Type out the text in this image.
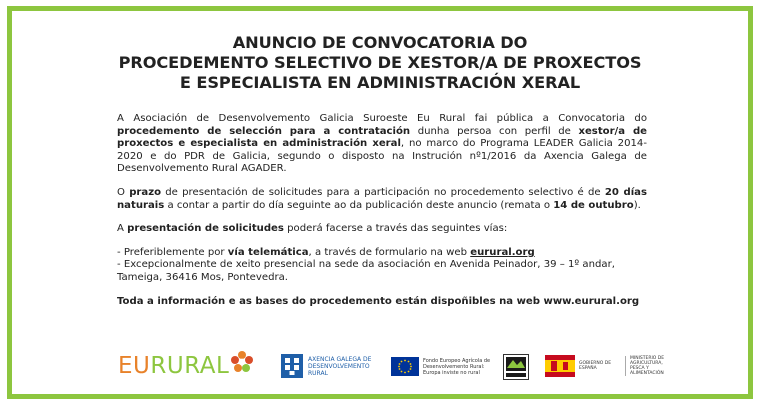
ANUNCIO DE CONVOCATORIA DO
PROCEDEMENTO SELECTIVO DE XESTOR/A DE PROXECTOS
E ESPECIALISTA EN ADMINISTRACIÓN XERAL

A Asociación de Desenvolvemento Galicia Suroeste Eu Rural fai pública a Convocatoria do procedemento de selección para a contratación dunha persoa con perfil de xestor/a de proxectos e especialista en administración xeral, no marco do Programa LEADER Galicia 2014-2020 e do PDR de Galicia, segundo o disposto na Instrución nº1/2016 da Axencia Galega de Desenvolvemento Rural AGADER.

O prazo de presentación de solicitudes para a participación no procedemento selectivo é de 20 días naturais a contar a partir do día seguinte ao da publicación deste anuncio (remata o 14 de outubro).

A presentación de solicitudes poderá facerse a través das seguintes vías:

- Preferiblemente por vía telemática, a través de formulario na web eurural.org
- Excepcionalmente de xeito presencial na sede da asociación en Avenida Peinador, 39 – 1º andar, Tameiga, 36416 Mos, Pontevedra.
Toda a información e as bases do procedemento están dispoñibles na web www.eurural.org
EURURAL	AXENCIA GALEGA DE DESENVOLVEMENTO RURAL
Fondo Europeo Agrícola de Desenvolvemento Rural: Europa inviste no rural
GOBIERNO DE ESPAÑA
MINISTERIO DE AGRICULTURA, PESCA Y ALIMENTACIÓN
